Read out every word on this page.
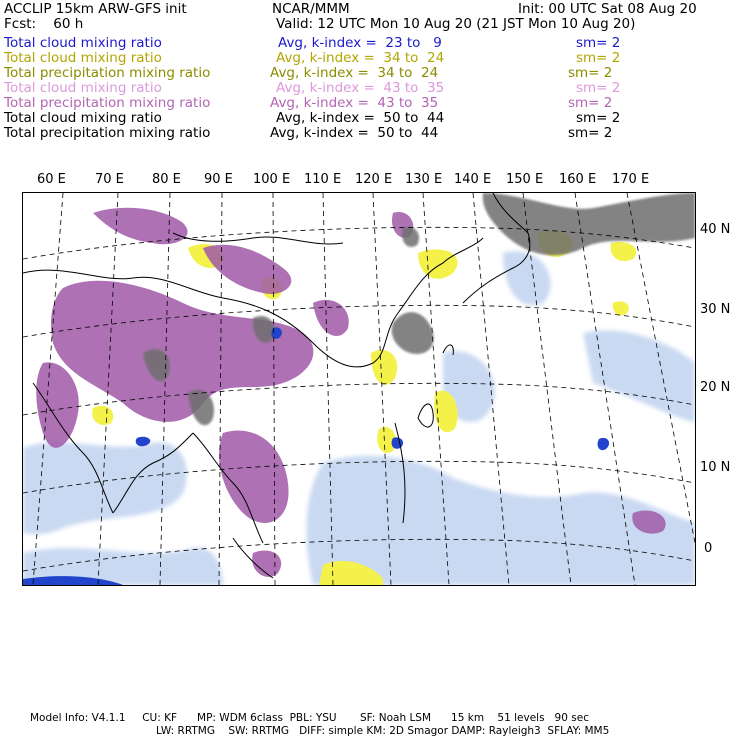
ACCLIP 15km ARW-GFS init	NCAR/MMM	Init: 00 UTC Sat 08 Aug 20
Fcst:    60 h	Valid: 12 UTC Mon 10 Aug 20 (21 JST Mon 10 Aug 20)
Total cloud mixing ratio	Avg, k-index =  23 to   9	sm= 2
Total cloud mixing ratio	Avg, k-index =  34 to  24	sm= 2
Total precipitation mixing ratio	Avg, k-index =  34 to  24	sm= 2
Total cloud mixing ratio	Avg, k-index =  43 to  35	sm= 2
Total precipitation mixing ratio	Avg, k-index =  43 to  35	sm= 2
Total cloud mixing ratio	Avg, k-index =  50 to  44	sm= 2
Total precipitation mixing ratio	Avg, k-index =  50 to  44	sm= 2
60 E 70 E 80 E 90 E 100 E 110 E 120 E 130 E 140 E 150 E 160 E 170 E
40 N
30 N
20 N
10 N
0
Model Info: V4.1.1     CU: KF      MP: WDM 6class  PBL: YSU       SF: Noah LSM      15 km    51 levels   90 sec
LW: RRTMG    SW: RRTMG   DIFF: simple KM: 2D Smagor DAMP: Rayleigh3  SFLAY: MM5
